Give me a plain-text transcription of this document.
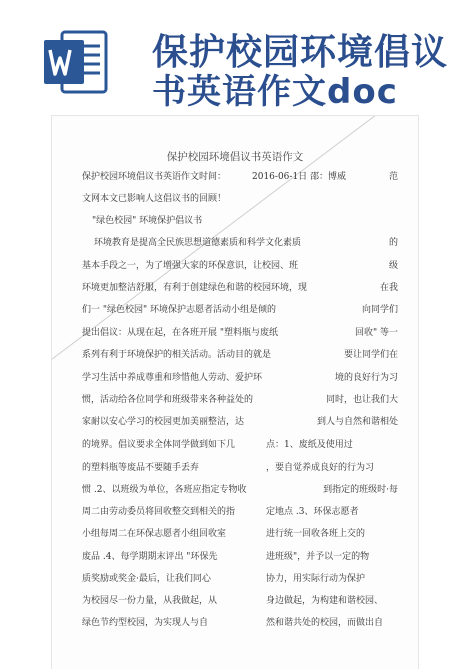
保护校园环境倡议
书英语作文doc
保护校园环境倡议书英语作文
保护校园环境倡议书英语作文时间：	2016-06-1日 邵：博威	范
文网本文已影响人这倡议书的回顾！
"绿色校园" 环境保护倡议书
环境教育是提高全民族思想道德素质和科学文化素质	的
基本手段之一，为了增强大家的环保意识，让校园、班	级
环境更加整洁舒服，有利于创建绿色和谐的校园环境，现	在我
们一 "绿色校园" 环境保护志愿者活动小组是倾的	向同学们
提出倡议：从现在起，在各班开展 "塑料瓶与废纸	回收" 等一
系列有利于环境保护的相关活动。活动目的就是	要让同学们在
学习生活中养成尊重和珍惜他人劳动、爱护环	境的良好行为习
惯，活动给各位同学和班级带来各种益处的	同时，也让我们大
家耐以安心学习的校园更加美丽整洁，达	到人与自然和谐相处
的境界。倡议要求全体同学做到如下几	点：1、废纸及使用过
的塑料瓶等废品不要随手丢弃	，要自觉养成良好的行为习
惯 .2、以班级为单位，各班应指定专物收	到指定的班级时·每
周二由劳动委员将回收整交到相关的指	定地点 .3、环保志愿者
小组每周二在环保志愿者小组回收室	进行统一回收各班上交的
废品 .4、每学期期末评出 "环保先	进班级"，并予以一定的物
质奖励或奖金·最后，让我们同心	协力，用实际行动为保护
为校园尽一份力量，从我做起，从	身边做起，为构建和谐校园、
绿色节约型校园，为实现人与自	然和谐共处的校园，而做出自
